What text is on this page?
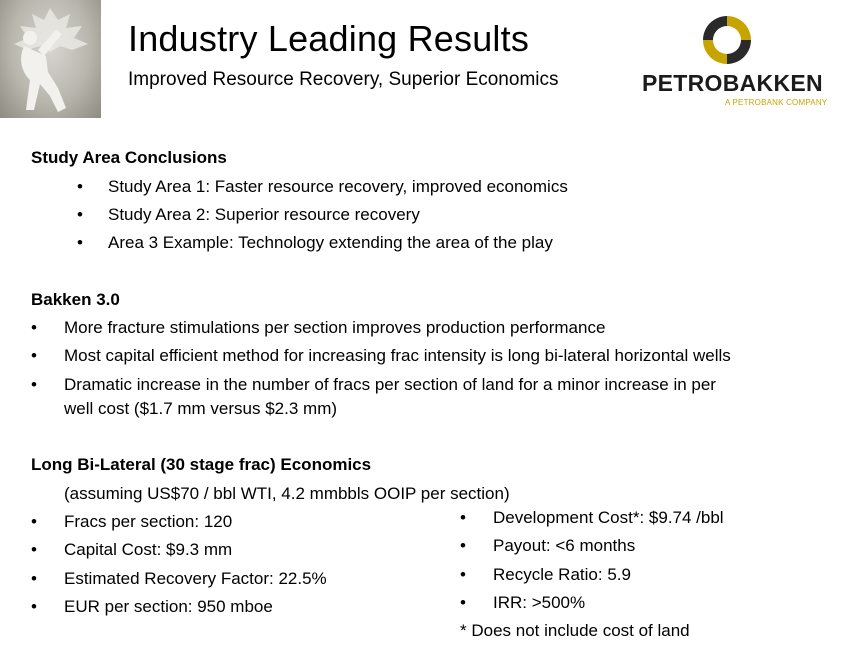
Industry Leading Results
Improved Resource Recovery, Superior Economics	PETROBAKKEN
A PETROBANK COMPANY
Study Area Conclusions
• Study Area 1: Faster resource recovery, improved economics
• Study Area 2: Superior resource recovery
• Area 3 Example: Technology extending the area of the play
Bakken 3.0
• More fracture stimulations per section improves production performance
• Most capital efficient method for increasing frac intensity is long bi-lateral horizontal wells
• Dramatic increase in the number of fracs per section of land for a minor increase in per
well cost ($1.7 mm versus $2.3 mm)
Long Bi-Lateral (30 stage frac) Economics
(assuming US$70 / bbl WTI, 4.2 mmbbls OOIP per section)
• Fracs per section: 120
• Capital Cost: $9.3 mm
• Estimated Recovery Factor: 22.5%
• EUR per section: 950 mboe
• Development Cost*: $9.74 /bbl
• Payout: <6 months
• Recycle Ratio: 5.9
• IRR: >500%
* Does not include cost of land
